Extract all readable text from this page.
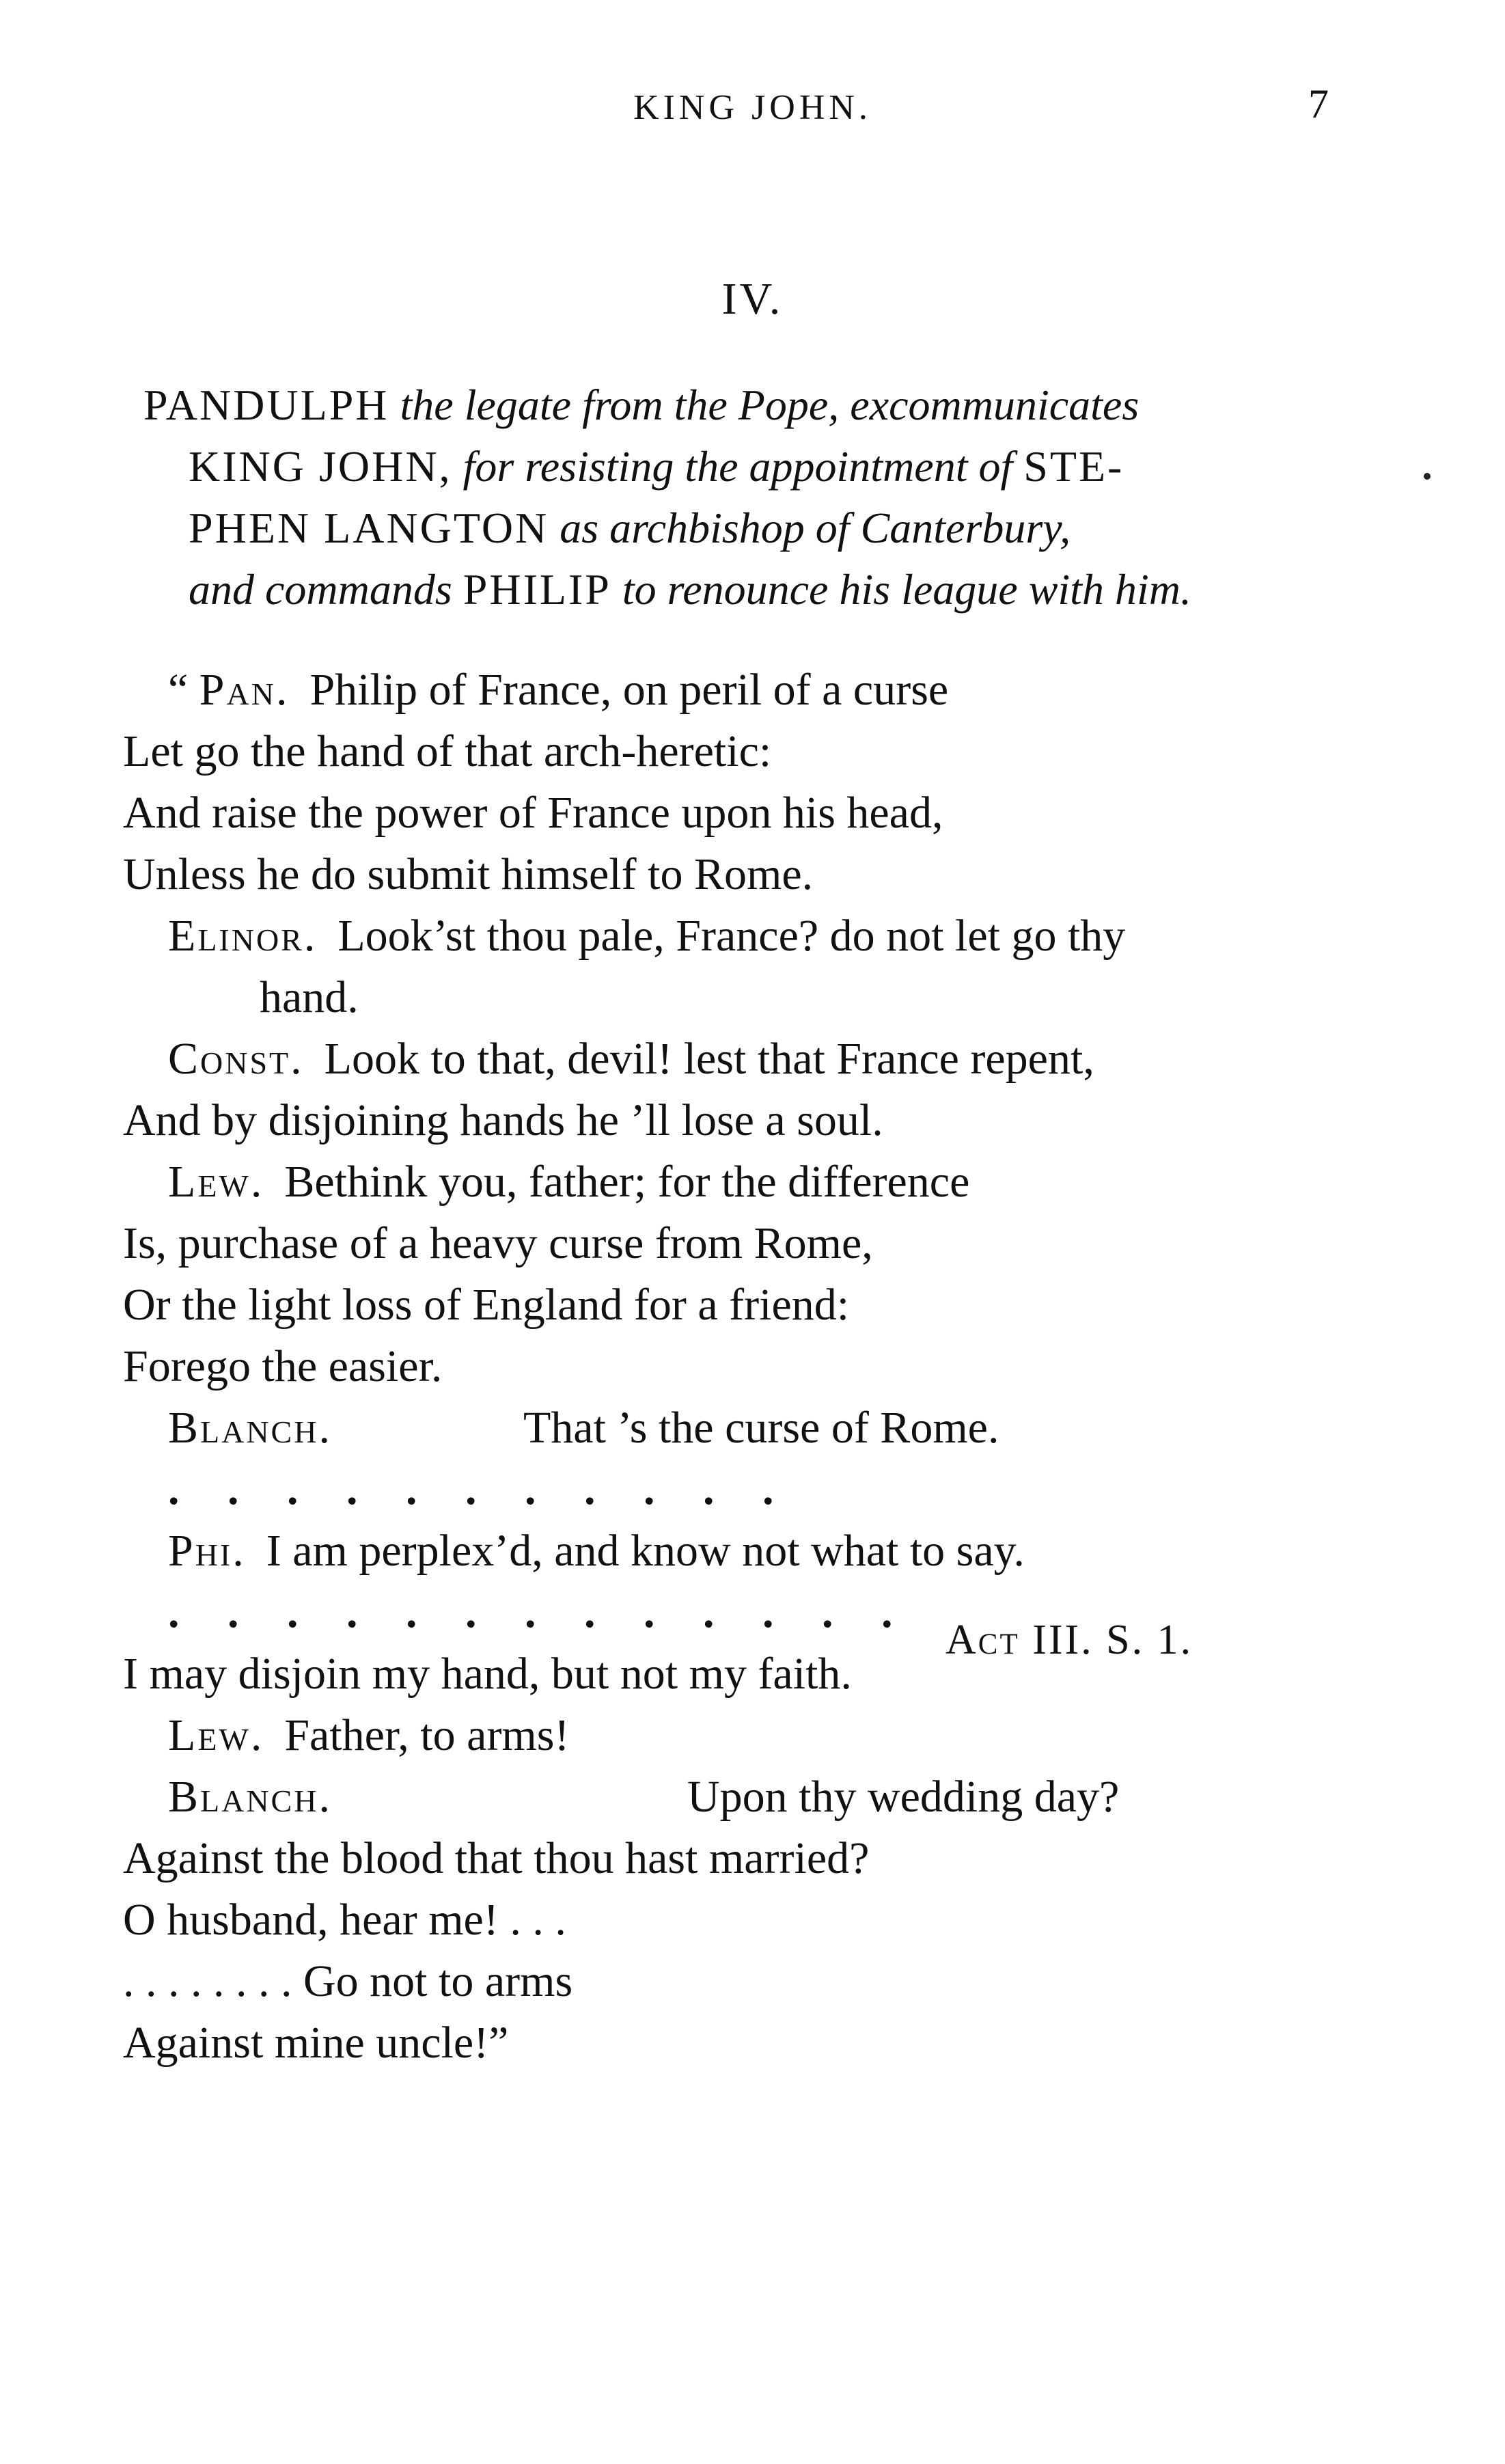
KING JOHN.	7
IV.
PANDULPH the legate from the Pope, excommunicates
KING JOHN, for resisting the appointment of STE-
PHEN LANGTON as archbishop of Canterbury,
and commands PHILIP to renounce his league with him.
“ Pan. Philip of France, on peril of a curse
Let go the hand of that arch-heretic:
And raise the power of France upon his head,
Unless he do submit himself to Rome.
Elinor. Look’st thou pale, France? do not let go thy
hand.
Const. Look to that, devil! lest that France repent,
And by disjoining hands he ’ll lose a soul.
Lew. Bethink you, father; for the difference
Is, purchase of a heavy curse from Rome,
Or the light loss of England for a friend:
Forego the easier.
Blanch.	That ’s the curse of Rome.
. . . . . . . . . . .
Phi. I am perplex’d, and know not what to say.
. . . . . . . . . . . . .
I may disjoin my hand, but not my faith.
Lew. Father, to arms!
Blanch.	Upon thy wedding day?
Against the blood that thou hast married?
O husband, hear me! . . .
. . . . . . . . Go not to arms
Against mine uncle!”
Act III. S. 1.
